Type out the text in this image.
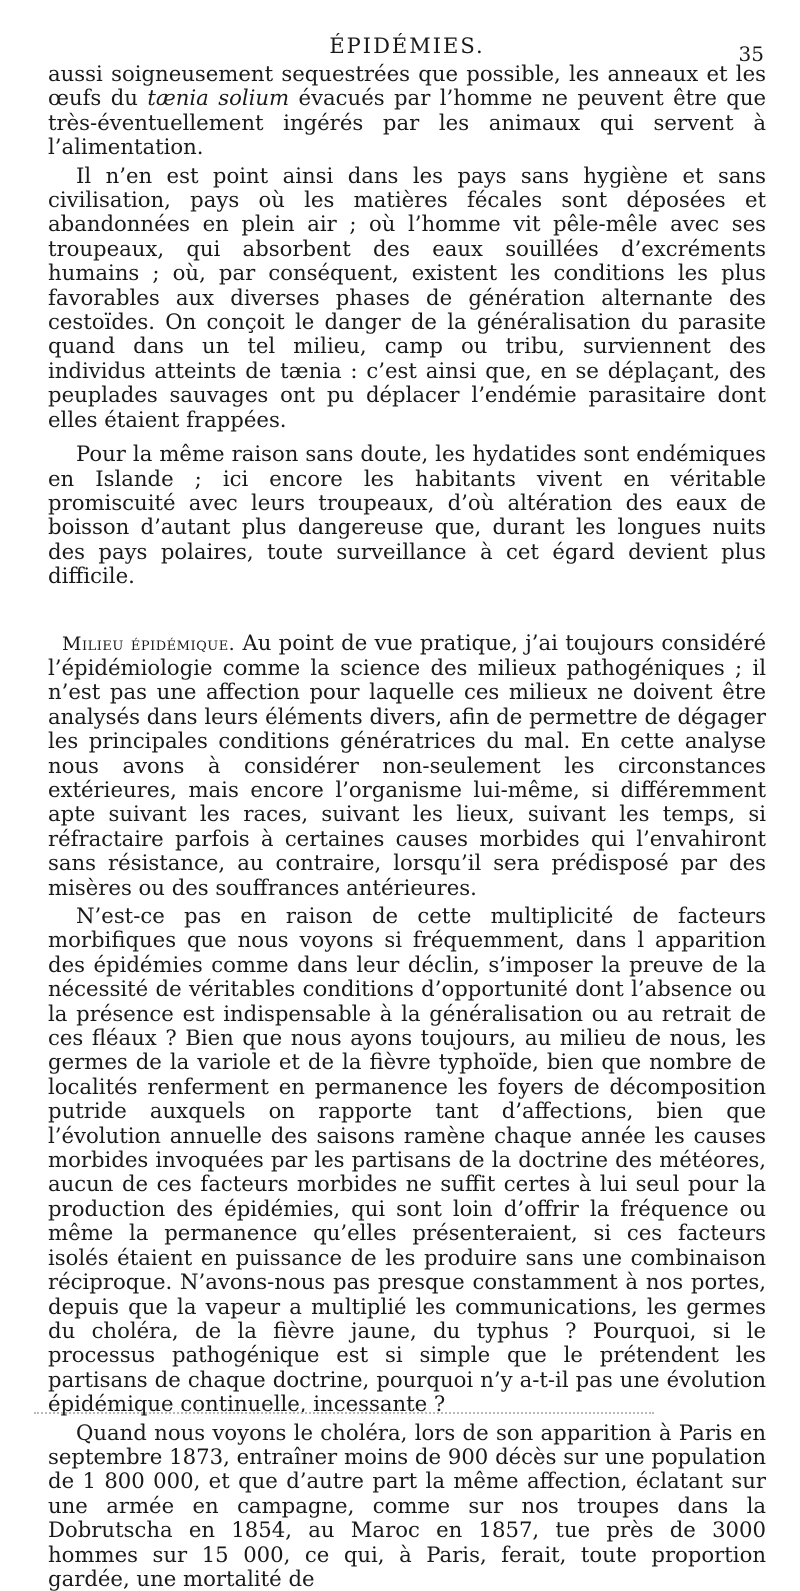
ÉPIDÉMIES.	35

aussi soigneusement sequestrées que possible, les anneaux et les œufs du tænia solium évacués par l’homme ne peuvent être que très-éventuellement ingérés par les animaux qui servent à l’alimentation.

Il n’en est point ainsi dans les pays sans hygiène et sans civilisation, pays où les matières fécales sont déposées et abandonnées en plein air ; où l’homme vit pêle-mêle avec ses troupeaux, qui absorbent des eaux souillées d’excréments humains ; où, par conséquent, existent les conditions les plus favorables aux diverses phases de génération alternante des cestoïdes. On conçoit le danger de la généralisation du parasite quand dans un tel milieu, camp ou tribu, surviennent des individus atteints de tænia : c’est ainsi que, en se déplaçant, des peuplades sauvages ont pu déplacer l’endémie parasitaire dont elles étaient frappées.

Pour la même raison sans doute, les hydatides sont endémiques en Islande ; ici encore les habitants vivent en véritable promiscuité avec leurs troupeaux, d’où altération des eaux de boisson d’autant plus dangereuse que, durant les longues nuits des pays polaires, toute surveillance à cet égard devient plus difficile.

Milieu épidémique. Au point de vue pratique, j’ai toujours considéré l’épidémiologie comme la science des milieux pathogéniques ; il n’est pas une affection pour laquelle ces milieux ne doivent être analysés dans leurs éléments divers, afin de permettre de dégager les principales conditions génératrices du mal. En cette analyse nous avons à considérer non-seulement les circonstances extérieures, mais encore l’organisme lui-même, si différemment apte suivant les races, suivant les lieux, suivant les temps, si réfractaire parfois à certaines causes morbides qui l’envahiront sans résistance, au contraire, lorsqu’il sera prédisposé par des misères ou des souffrances antérieures.

N’est-ce pas en raison de cette multiplicité de facteurs morbifiques que nous voyons si fréquemment, dans l apparition des épidémies comme dans leur déclin, s’imposer la preuve de la nécessité de véritables conditions d’opportunité dont l’absence ou la présence est indispensable à la généralisation ou au retrait de ces fléaux ? Bien que nous ayons toujours, au milieu de nous, les germes de la variole et de la fièvre typhoïde, bien que nombre de localités renferment en permanence les foyers de décomposition putride auxquels on rapporte tant d’affections, bien que l’évolution annuelle des saisons ramène chaque année les causes morbides invoquées par les partisans de la doctrine des météores, aucun de ces facteurs morbides ne suffit certes à lui seul pour la production des épidémies, qui sont loin d’offrir la fréquence ou même la permanence qu’elles présenteraient, si ces facteurs isolés étaient en puissance de les produire sans une combinaison réciproque. N’avons-nous pas presque constamment à nos portes, depuis que la vapeur a multiplié les communications, les germes du choléra, de la fièvre jaune, du typhus ? Pourquoi, si le processus pathogénique est si simple que le prétendent les partisans de chaque doctrine, pourquoi n’y a-t-il pas une évolution épidémique continuelle, incessante ?

Quand nous voyons le choléra, lors de son apparition à Paris en septembre 1873, entraîner moins de 900 décès sur une population de 1 800 000, et que d’autre part la même affection, éclatant sur une armée en campagne, comme sur nos troupes dans la Dobrutscha en 1854, au Maroc en 1857, tue près de 3000 hommes sur 15 000, ce qui, à Paris, ferait, toute proportion gardée, une mortalité de
